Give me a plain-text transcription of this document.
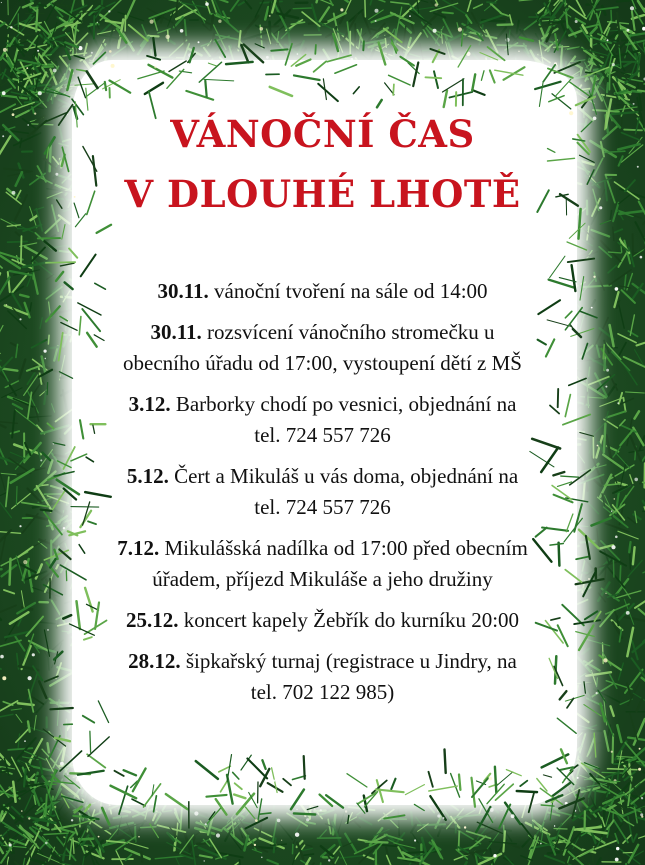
VÁNOČNÍ ČAS

V DLOUHÉ LHOTĚ

30.11. vánoční tvoření na sále od 14:00
30.11. rozsvícení vánočního stromečku u
obecního úřadu od 17:00, vystoupení dětí z MŠ
3.12. Barborky chodí po vesnici, objednání na
tel. 724 557 726
5.12. Čert a Mikuláš u vás doma, objednání na
tel. 724 557 726
7.12. Mikulášská nadílka od 17:00 před obecním
úřadem, příjezd Mikuláše a jeho družiny
25.12. koncert kapely Žebřík do kurníku 20:00
28.12. šipkařský turnaj (registrace u Jindry, na
tel. 702 122 985)
